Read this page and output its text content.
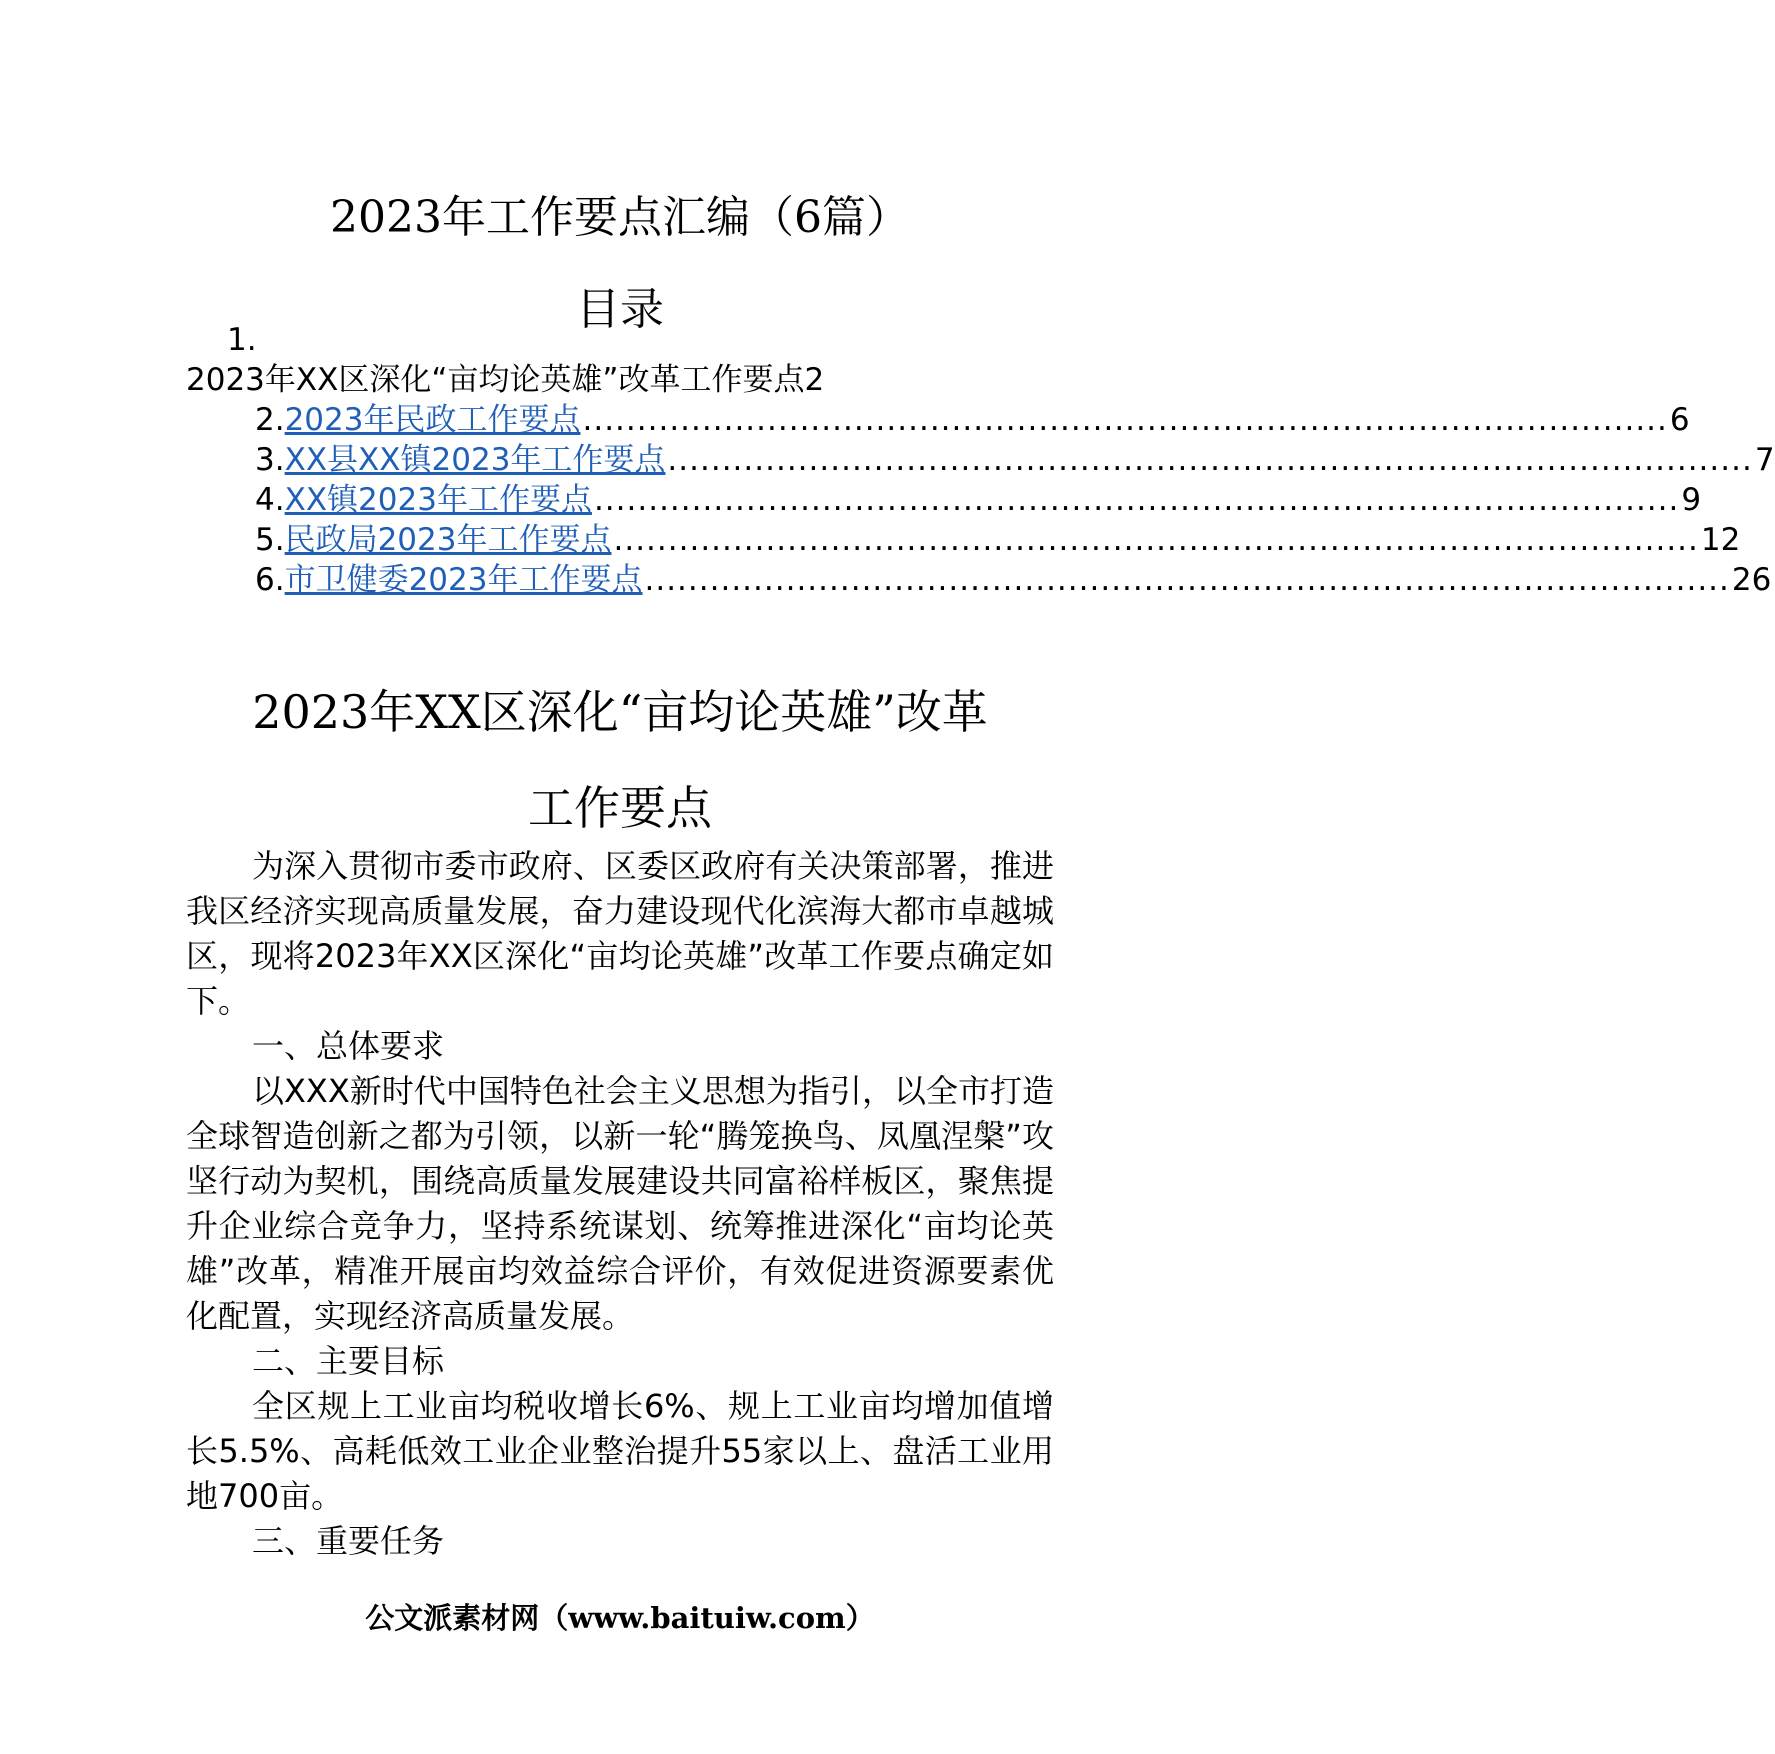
2023年工作要点汇编（6篇）
目录
1.
2023年XX区深化“亩均论英雄”改革工作要点2
2. 2023年民政工作要点 .................................................................................................... 6
3. XX县XX镇2023年工作要点 .................................................................................................... 7
4. XX镇2023年工作要点 .................................................................................................... 9
5. 民政局2023年工作要点 .................................................................................................... 12
6. 市卫健委2023年工作要点 .................................................................................................... 26
2023年XX区深化“亩均论英雄”改革
工作要点
为深入贯彻市委市政府、区委区政府有关决策部署，推进我区经济实现高质量发展，奋力建设现代化滨海大都市卓越城区，现将2023年XX区深化“亩均论英雄”改革工作要点确定如下。
一、总体要求
以XXX新时代中国特色社会主义思想为指引，以全市打造全球智造创新之都为引领，以新一轮“腾笼换鸟、凤凰涅槃”攻坚行动为契机，围绕高质量发展建设共同富裕样板区，聚焦提升企业综合竞争力，坚持系统谋划、统筹推进深化“亩均论英雄”改革，精准开展亩均效益综合评价，有效促进资源要素优化配置，实现经济高质量发展。
二、主要目标
全区规上工业亩均税收增长6%、规上工业亩均增加值增长5.5%、高耗低效工业企业整治提升55家以上、盘活工业用地700亩。
三、重要任务
公文派素材网（www.baituiw.com）
